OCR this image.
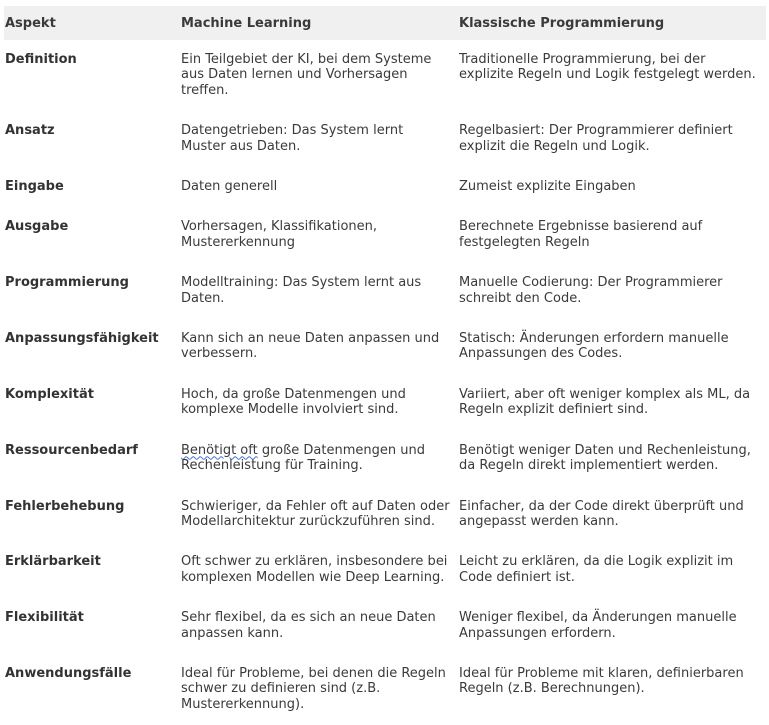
Aspekt	Machine Learning	Klassische Programmierung
Definition	Ein Teilgebiet der KI, bei dem Systeme aus Daten lernen und Vorhersagen treffen.	Traditionelle Programmierung, bei der explizite Regeln und Logik festgelegt werden.
Ansatz	Datengetrieben: Das System lernt Muster aus Daten.	Regelbasiert: Der Programmierer definiert explizit die Regeln und Logik.
Eingabe	Daten generell	Zumeist explizite Eingaben
Ausgabe	Vorhersagen, Klassifikationen, Mustererkennung	Berechnete Ergebnisse basierend auf festgelegten Regeln
Programmierung	Modelltraining: Das System lernt aus Daten.	Manuelle Codierung: Der Programmierer schreibt den Code.
Anpassungsfähigkeit	Kann sich an neue Daten anpassen und verbessern.	Statisch: Änderungen erfordern manuelle Anpassungen des Codes.
Komplexität	Hoch, da große Datenmengen und komplexe Modelle involviert sind.	Variiert, aber oft weniger komplex als ML, da Regeln explizit definiert sind.
Ressourcenbedarf	Benötigt oft große Datenmengen und Rechenleistung für Training.	Benötigt weniger Daten und Rechenleistung, da Regeln direkt implementiert werden.
Fehlerbehebung	Schwieriger, da Fehler oft auf Daten oder Modellarchitektur zurückzuführen sind.	Einfacher, da der Code direkt überprüft und angepasst werden kann.
Erklärbarkeit	Oft schwer zu erklären, insbesondere bei komplexen Modellen wie Deep Learning.	Leicht zu erklären, da die Logik explizit im Code definiert ist.
Flexibilität	Sehr flexibel, da es sich an neue Daten anpassen kann.	Weniger flexibel, da Änderungen manuelle Anpassungen erfordern.
Anwendungsfälle	Ideal für Probleme, bei denen die Regeln schwer zu definieren sind (z.B. Mustererkennung).	Ideal für Probleme mit klaren, definierbaren Regeln (z.B. Berechnungen).
